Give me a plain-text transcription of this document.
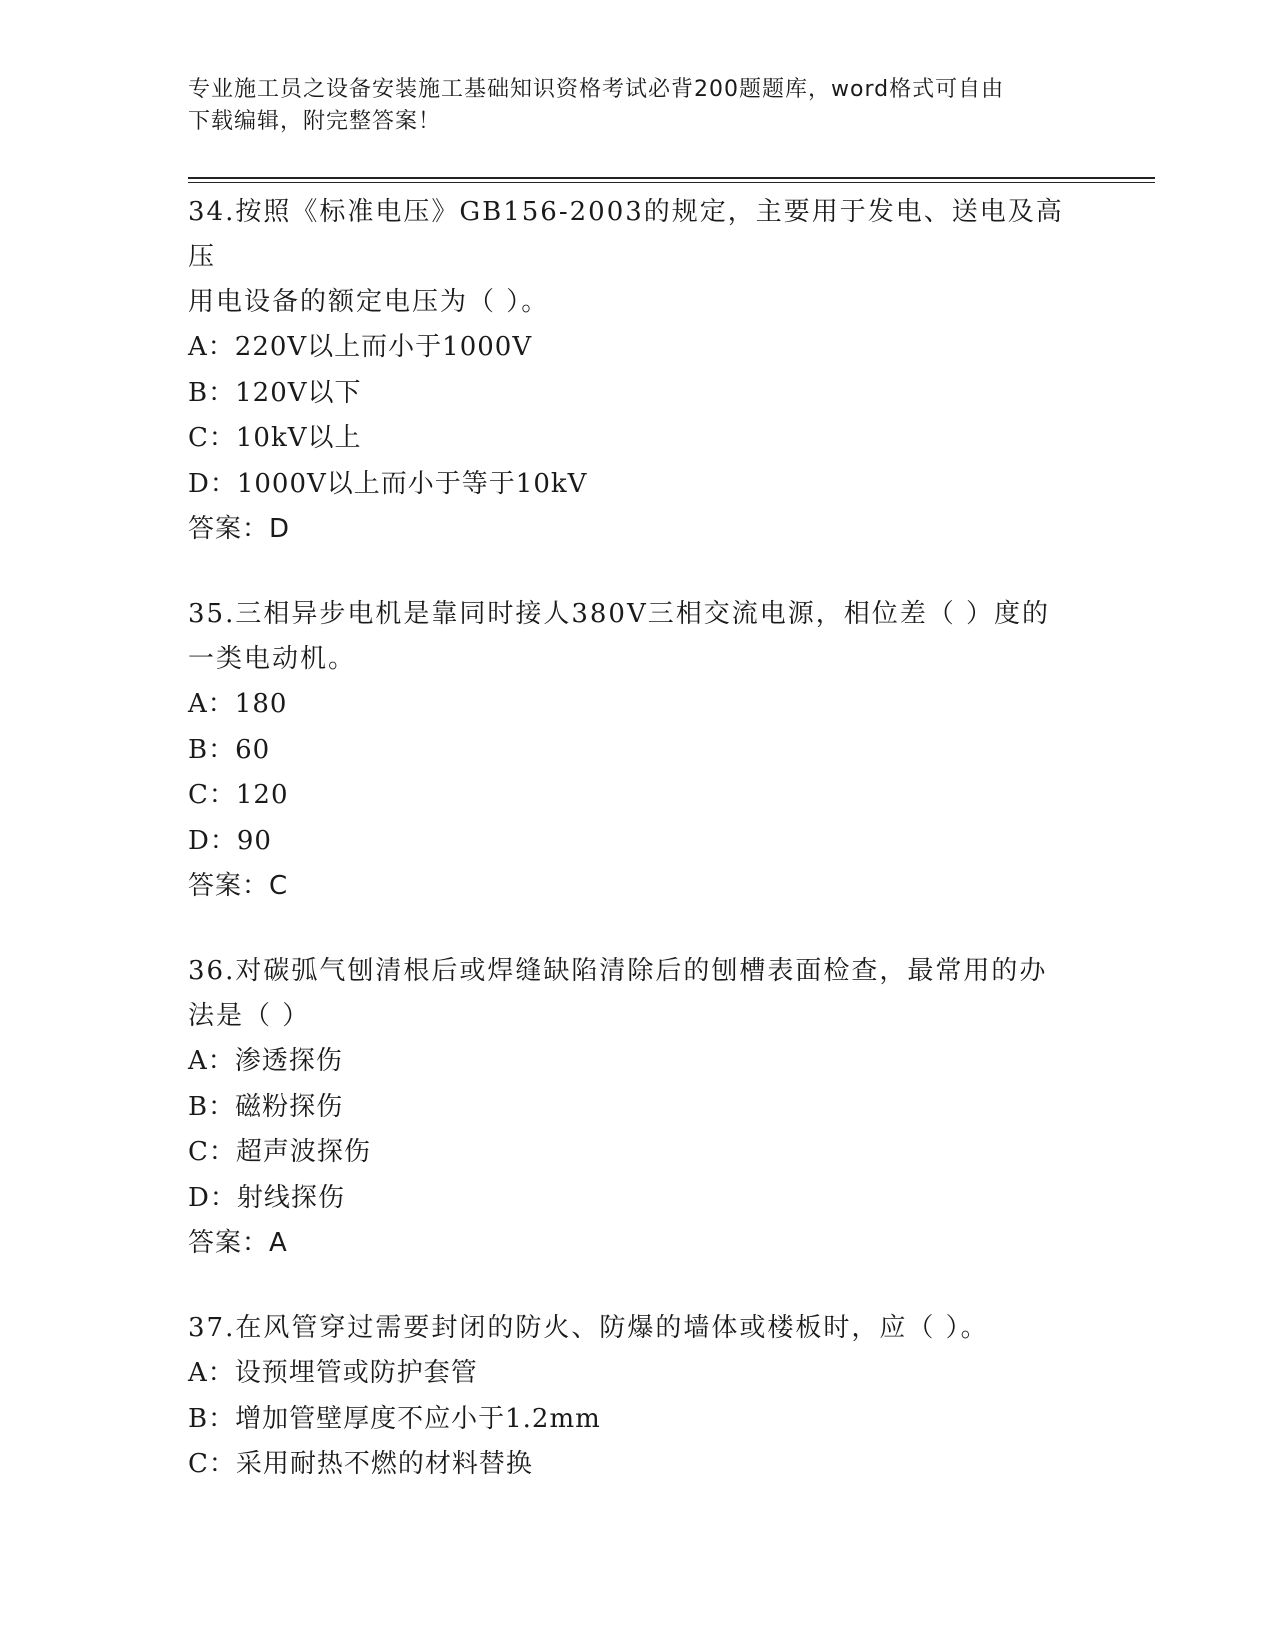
专业施工员之设备安装施工基础知识资格考试必背200题题库，word格式可自由
下载编辑，附完整答案！

34.按照《标准电压》GB156-2003的规定，主要用于发电、送电及高压

用电设备的额定电压为（ ）。

A：220V以上而小于1000V

B：120V以下

C：10kV以上

D：1000V以上而小于等于10kV

答案：D

35.三相异步电机是靠同时接人380V三相交流电源，相位差（ ）度的

一类电动机。

A：180

B：60

C：120

D：90

答案：C

36.对碳弧气刨清根后或焊缝缺陷清除后的刨槽表面检查，最常用的办

法是（ ）

A：渗透探伤

B：磁粉探伤

C：超声波探伤

D：射线探伤

答案：A

37.在风管穿过需要封闭的防火、防爆的墙体或楼板时，应（ ）。

A：设预埋管或防护套管

B：增加管壁厚度不应小于1.2mm

C：采用耐热不燃的材料替换
